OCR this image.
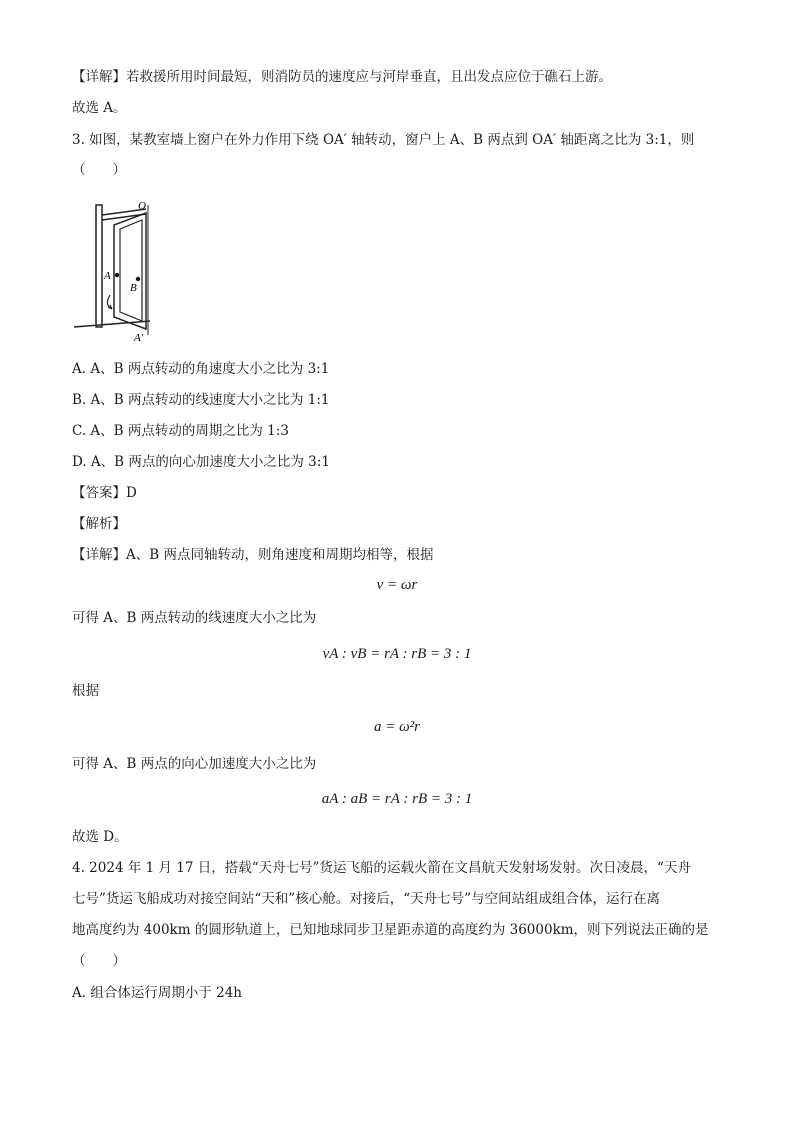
【详解】若救援所用时间最短，则消防员的速度应与河岸垂直，且出发点应位于礁石上游。
故选 A。
3. 如图，某教室墙上窗户在外力作用下绕 OA′ 轴转动，窗户上 A、B 两点到 OA′ 轴距离之比为 3:1，则
（　　）
O
A
B
A′
A. A、B 两点转动的角速度大小之比为 3:1
B. A、B 两点转动的线速度大小之比为 1:1
C. A、B 两点转动的周期之比为 1:3
D. A、B 两点的向心加速度大小之比为 3:1
【答案】D
【解析】
【详解】A、B 两点同轴转动，则角速度和周期均相等，根据
v = ωr
可得 A、B 两点转动的线速度大小之比为
vA : vB = rA : rB = 3 : 1
根据
a = ω²r
可得 A、B 两点的向心加速度大小之比为
aA : aB = rA : rB = 3 : 1
故选 D。
4. 2024 年 1 月 17 日，搭载“天舟七号”货运飞船的运载火箭在文昌航天发射场发射。次日凌晨，“天舟
七号”货运飞船成功对接空间站“天和”核心舱。对接后，“天舟七号”与空间站组成组合体，运行在离
地高度约为 400km 的圆形轨道上，已知地球同步卫星距赤道的高度约为 36000km，则下列说法正确的是
（　　）
A. 组合体运行周期小于 24h
